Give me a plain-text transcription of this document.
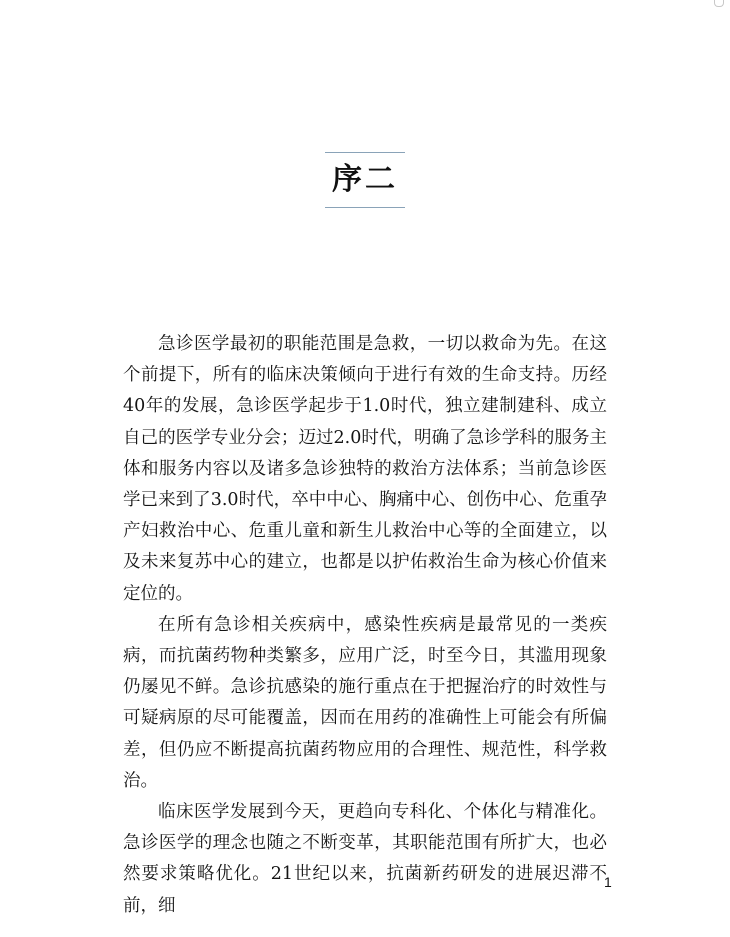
序二

急诊医学最初的职能范围是急救，一切以救命为先。在这个前提下，所有的临床决策倾向于进行有效的生命支持。历经40年的发展，急诊医学起步于1.0时代，独立建制建科、成立自己的医学专业分会；迈过2.0时代，明确了急诊学科的服务主体和服务内容以及诸多急诊独特的救治方法体系；当前急诊医学已来到了3.0时代，卒中中心、胸痛中心、创伤中心、危重孕产妇救治中心、危重儿童和新生儿救治中心等的全面建立，以及未来复苏中心的建立，也都是以护佑救治生命为核心价值来定位的。

在所有急诊相关疾病中，感染性疾病是最常见的一类疾病，而抗菌药物种类繁多，应用广泛，时至今日，其滥用现象仍屡见不鲜。急诊抗感染的施行重点在于把握治疗的时效性与可疑病原的尽可能覆盖，因而在用药的准确性上可能会有所偏差，但仍应不断提高抗菌药物应用的合理性、规范性，科学救治。

临床医学发展到今天，更趋向专科化、个体化与精准化。急诊医学的理念也随之不断变革，其职能范围有所扩大，也必然要求策略优化。21世纪以来，抗菌新药研发的进展迟滞不前，细

1
